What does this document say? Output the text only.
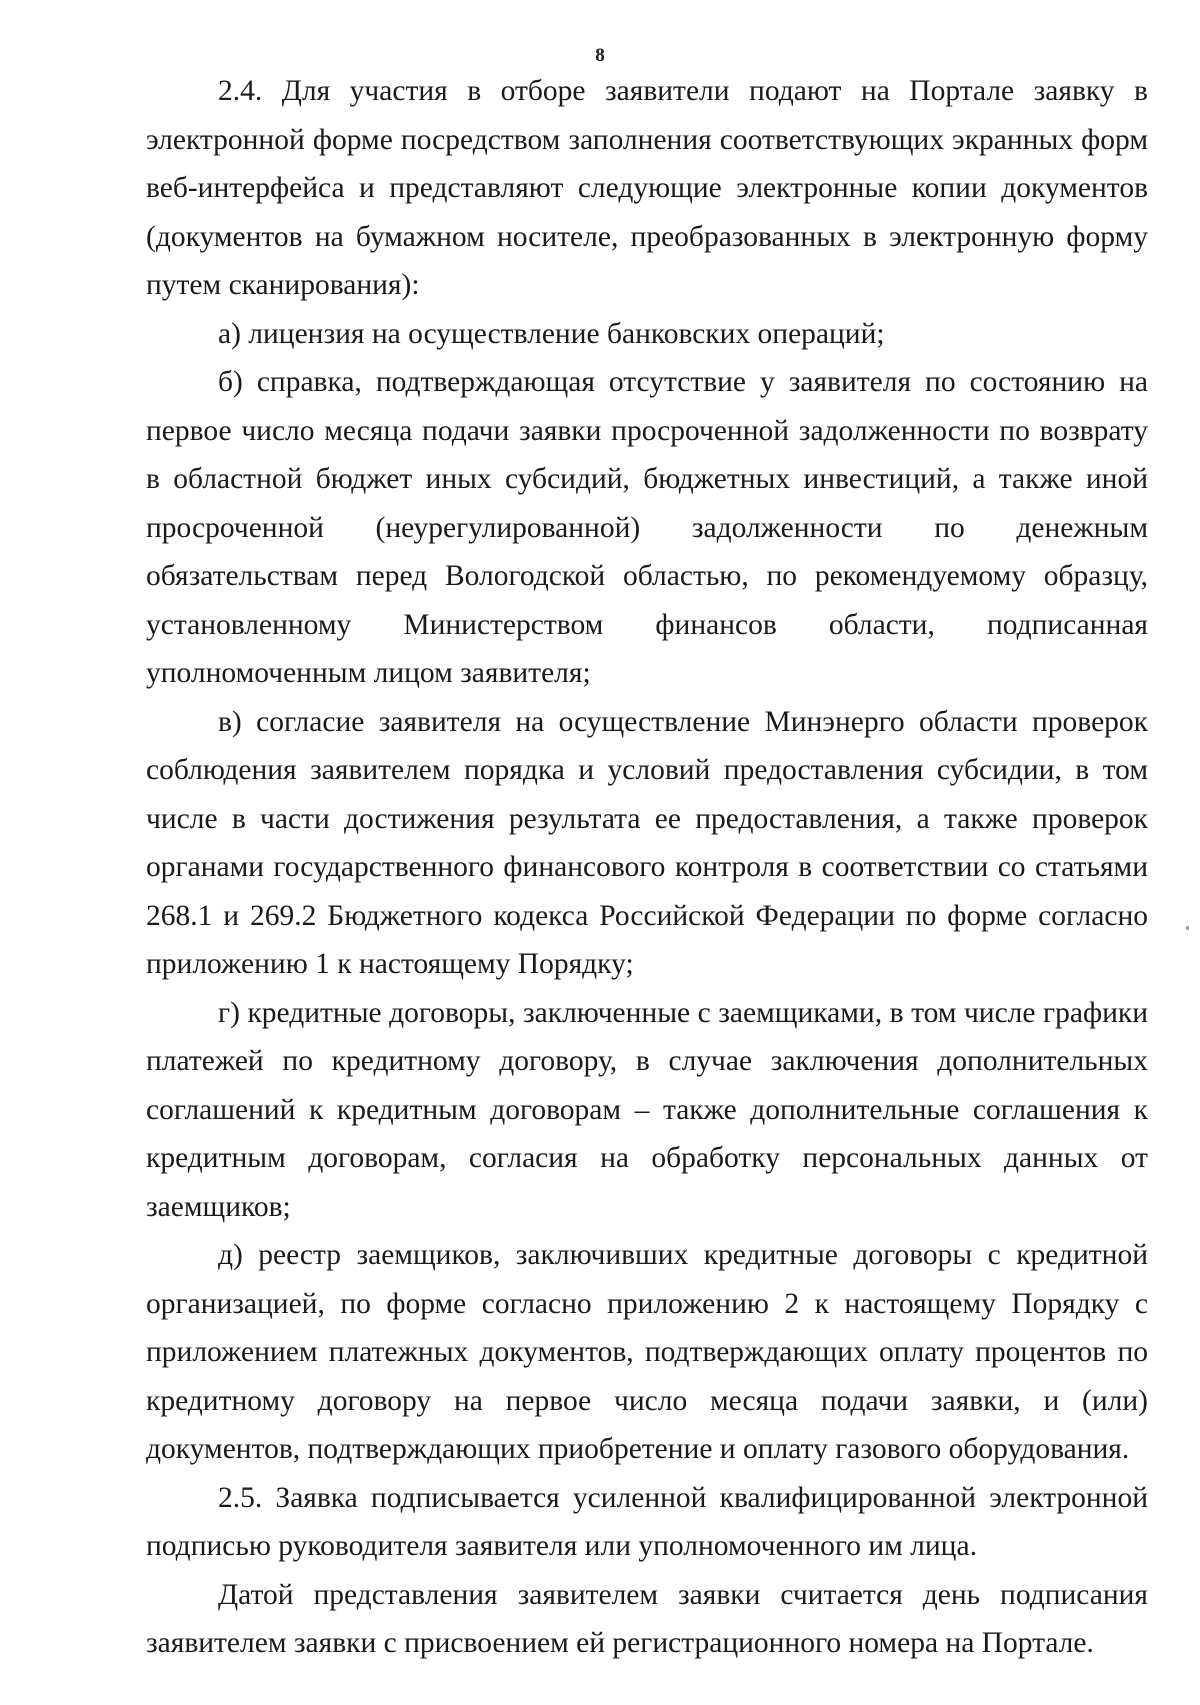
8

2.4. Для участия в отборе заявители подают на Портале заявку в электронной форме посредством заполнения соответствующих экранных форм веб-интерфейса и представляют следующие электронные копии документов (документов на бумажном носителе, преобразованных в электронную форму путем сканирования):

а) лицензия на осуществление банковских операций;

б) справка, подтверждающая отсутствие у заявителя по состоянию на первое число месяца подачи заявки просроченной задолженности по возврату в областной бюджет иных субсидий, бюджетных инвестиций, а также иной просроченной (неурегулированной) задолженности по денежным обязательствам перед Вологодской областью, по рекомендуемому образцу, установленному Министерством финансов области, подписанная уполномоченным лицом заявителя;

в) согласие заявителя на осуществление Минэнерго области проверок соблюдения заявителем порядка и условий предоставления субсидии, в том числе в части достижения результата ее предоставления, а также проверок органами государственного финансового контроля в соответствии со статьями 268.1 и 269.2 Бюджетного кодекса Российской Федерации по форме согласно приложению 1 к настоящему Порядку;

г) кредитные договоры, заключенные с заемщиками, в том числе графики платежей по кредитному договору, в случае заключения дополнительных соглашений к кредитным договорам – также дополнительные соглашения к кредитным договорам, согласия на обработку персональных данных от заемщиков;

д) реестр заемщиков, заключивших кредитные договоры с кредитной организацией, по форме согласно приложению 2 к настоящему Порядку с приложением платежных документов, подтверждающих оплату процентов по кредитному договору на первое число месяца подачи заявки, и (или) документов, подтверждающих приобретение и оплату газового оборудования.

2.5. Заявка подписывается усиленной квалифицированной электронной подписью руководителя заявителя или уполномоченного им лица.

Датой представления заявителем заявки считается день подписания заявителем заявки с присвоением ей регистрационного номера на Портале.
